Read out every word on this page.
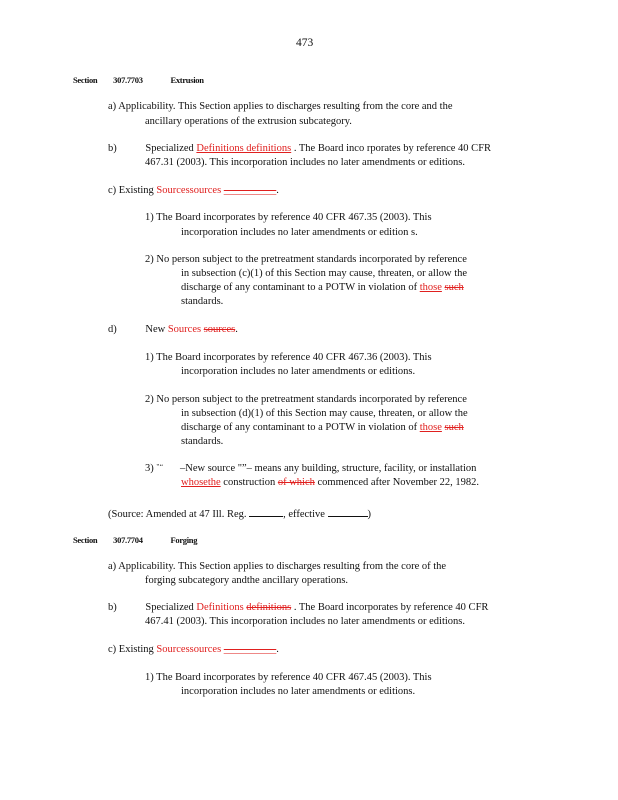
473
Section 307.7703	Extrusion
a) Applicability. This Section applies to discharges resulting from the core and the
ancillary operations of the extrusion subcategory.
b)	Specialized Definitions definitions . The Board inco rporates by reference 40 CFR
467.31 (2003). This incorporation includes no later amendments or editions.
c) Existing Sourcessources __________.
1) The Board incorporates by reference 40 CFR 467.35 (2003). This
incorporation includes no later amendments or edition s.
2) No person subject to the pretreatment standards incorporated by reference
in subsection (c)(1) of this Section may cause, threaten, or allow the
discharge of any contaminant to a POTW in violation of those such
standards.
d)	New Sources sources.
1) The Board incorporates by reference 40 CFR 467.36 (2003). This
incorporation includes no later amendments or editions.
2) No person subject to the pretreatment standards incorporated by reference
in subsection (d)(1) of this Section may cause, threaten, or allow the
discharge of any contaminant to a POTW in violation of those such
standards.
3) "‘‘ –New source "”– means any building, structure, facility, or installation
whosethe construction of which commenced after November 22, 1982.
(Source: Amended at 47 Ill. Reg.	, effective	)
Section 307.7704	Forging
a) Applicability. This Section applies to discharges resulting from the core of the
forging subcategory andthe ancillary operations.
b)	Specialized Definitions definitions . The Board incorporates by reference 40 CFR
467.41 (2003). This incorporation includes no later amendments or editions.
c) Existing Sourcessources __________.
1) The Board incorporates by reference 40 CFR 467.45 (2003). This
incorporation includes no later amendments or editions.
